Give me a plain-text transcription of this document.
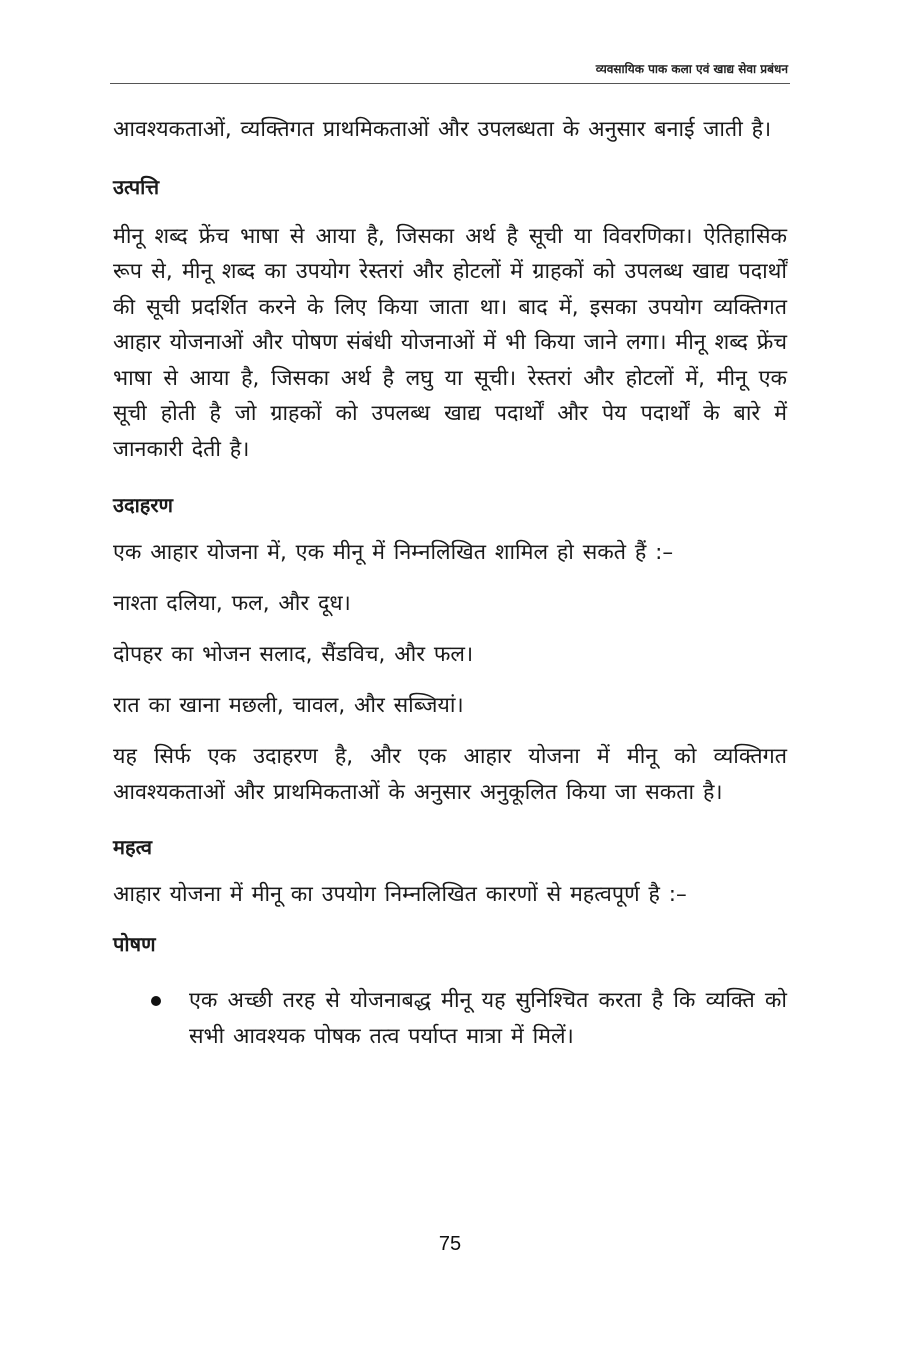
व्यवसायिक पाक कला एवं खाद्य सेवा प्रबंधन

आवश्यकताओं, व्यक्तिगत प्राथमिकताओं और उपलब्धता के अनुसार बनाई जाती है।

उत्पत्ति

मीनू शब्द फ्रेंच भाषा से आया है, जिसका अर्थ है सूची या विवरणिका। ऐतिहासिक रूप से, मीनू शब्द का उपयोग रेस्तरां और होटलों में ग्राहकों को उपलब्ध खाद्य पदार्थों की सूची प्रदर्शित करने के लिए किया जाता था। बाद में, इसका उपयोग व्यक्तिगत आहार योजनाओं और पोषण संबंधी योजनाओं में भी किया जाने लगा। मीनू शब्द फ्रेंच भाषा से आया है, जिसका अर्थ है लघु या सूची। रेस्तरां और होटलों में, मीनू एक सूची होती है जो ग्राहकों को उपलब्ध खाद्य पदार्थों और पेय पदार्थों के बारे में जानकारी देती है।

उदाहरण

एक आहार योजना में, एक मीनू में निम्नलिखित शामिल हो सकते हैं :–

नाश्ता दलिया, फल, और दूध।

दोपहर का भोजन सलाद, सैंडविच, और फल।

रात का खाना मछली, चावल, और सब्जियां।

यह सिर्फ एक उदाहरण है, और एक आहार योजना में मीनू को व्यक्तिगत आवश्यकताओं और प्राथमिकताओं के अनुसार अनुकूलित किया जा सकता है।

महत्व

आहार योजना में मीनू का उपयोग निम्नलिखित कारणों से महत्वपूर्ण है :–

पोषण
एक अच्छी तरह से योजनाबद्ध मीनू यह सुनिश्चित करता है कि व्यक्ति को सभी आवश्यक पोषक तत्व पर्याप्त मात्रा में मिलें।
75
